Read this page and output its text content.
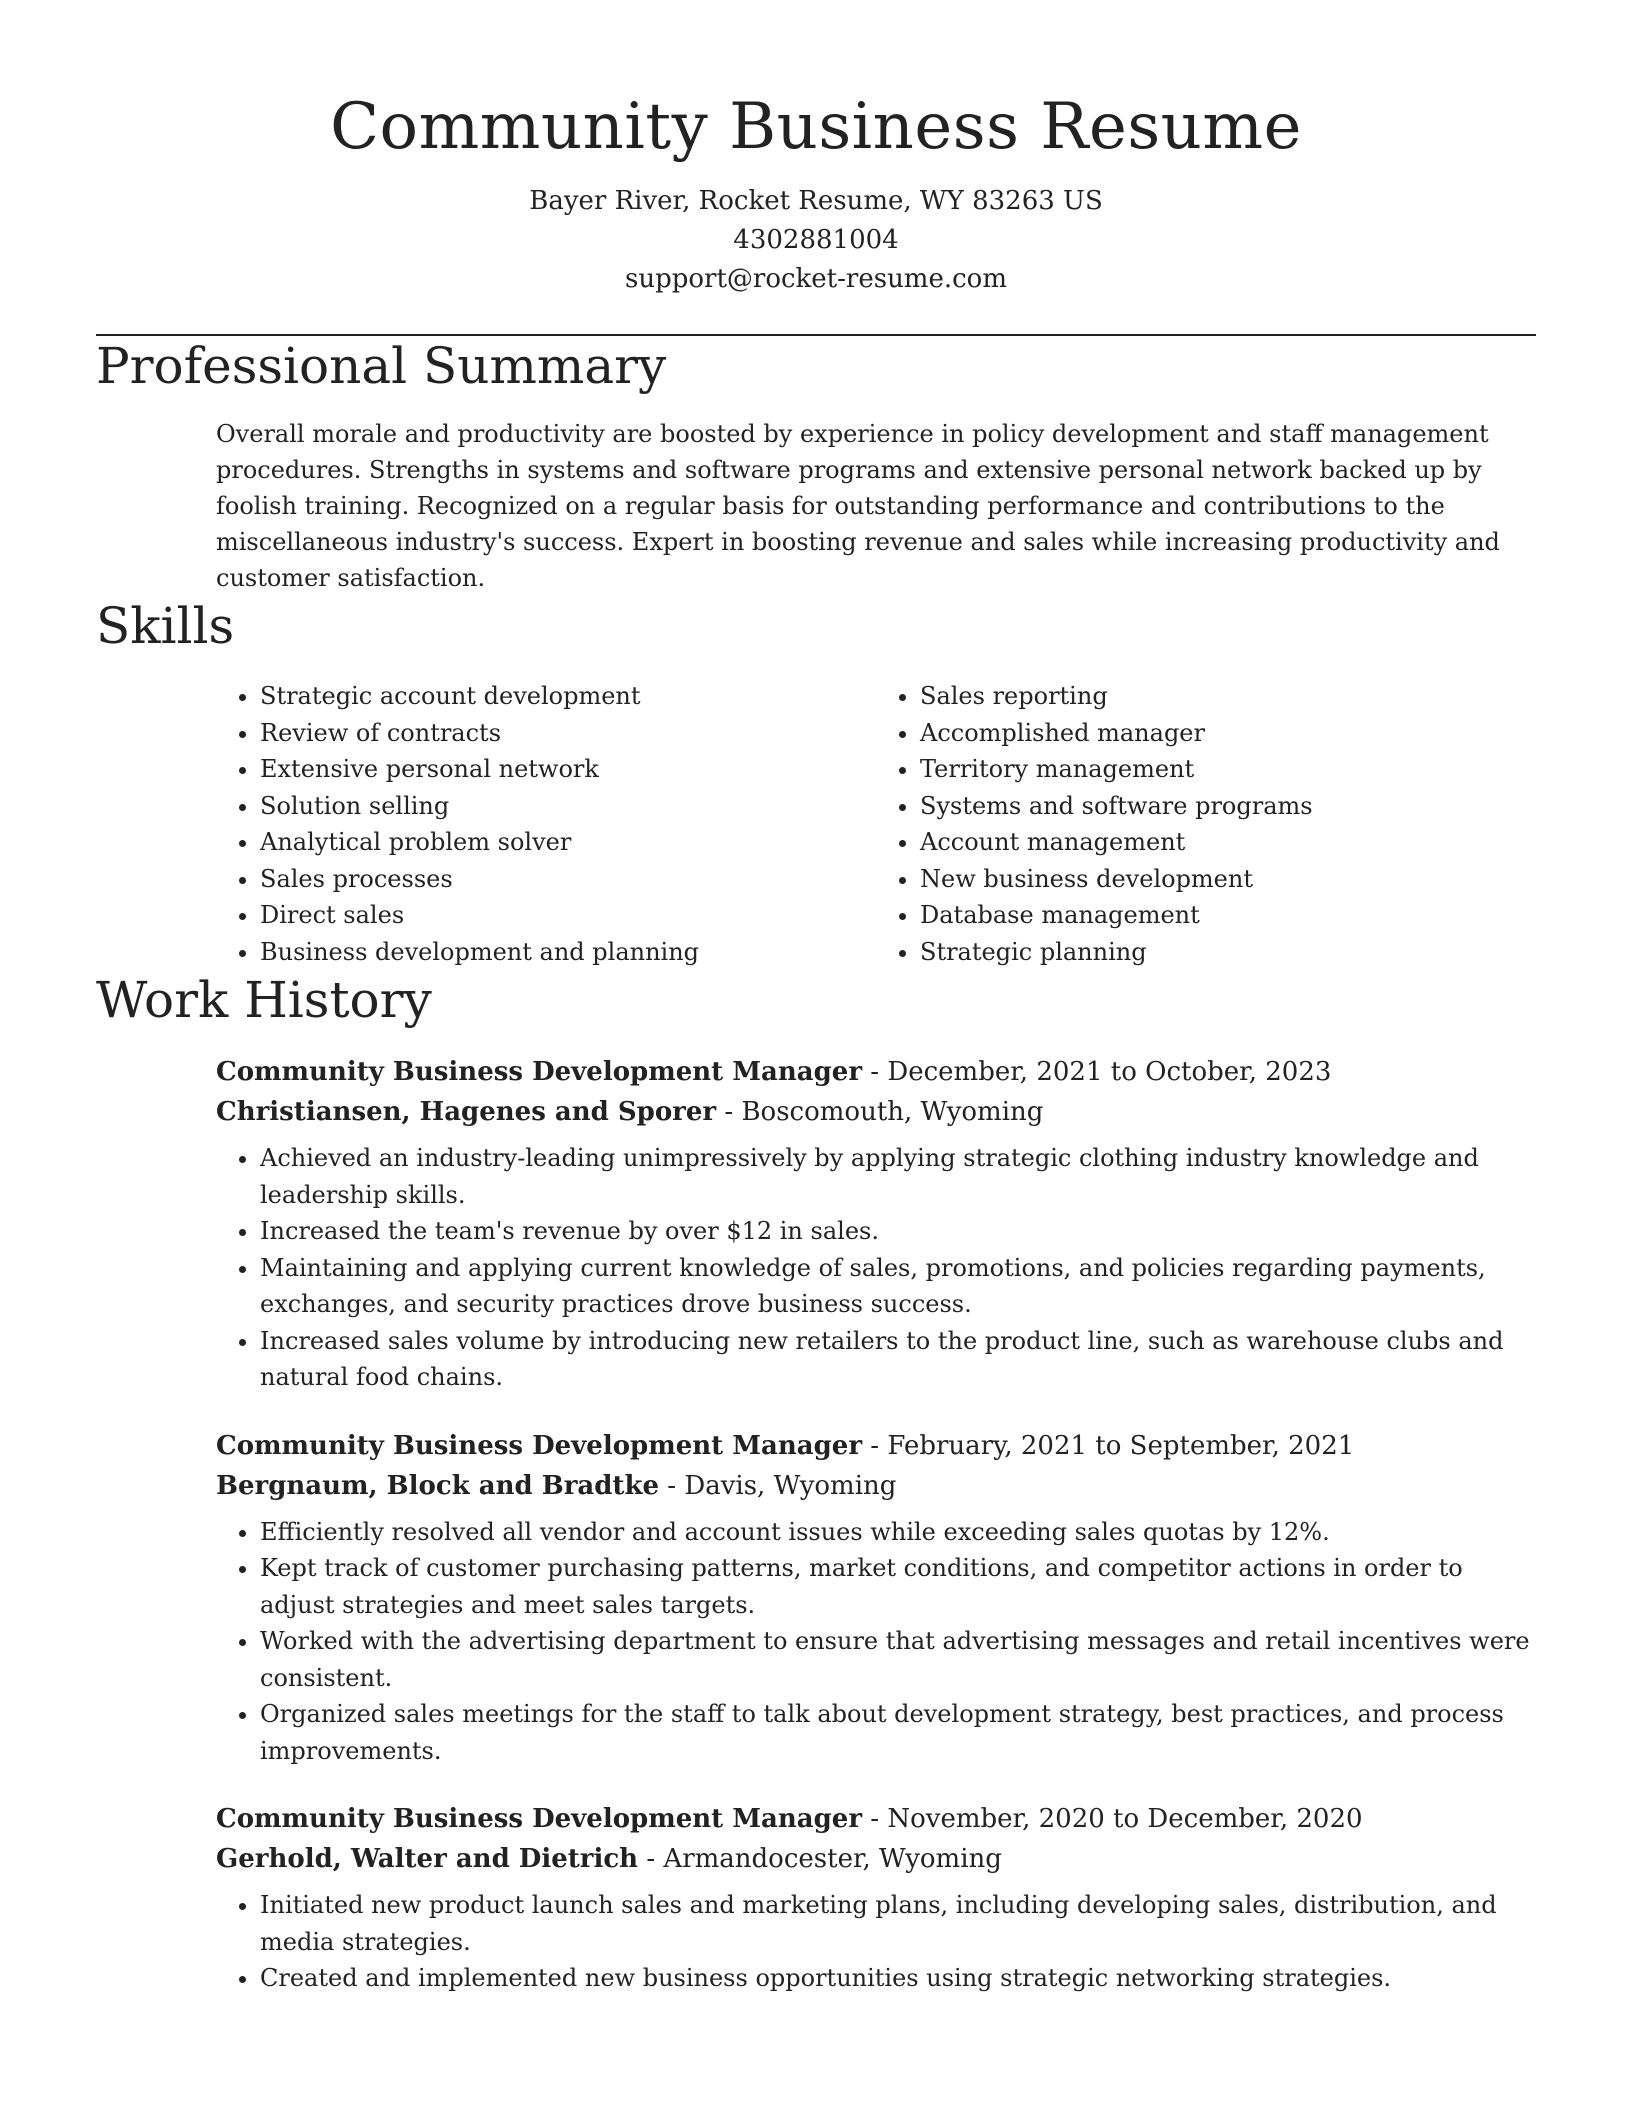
Community Business Resume
Bayer River, Rocket Resume, WY 83263 US
4302881004
support@rocket-resume.com
Professional Summary

Overall morale and productivity are boosted by experience in policy development and staff management procedures. Strengths in systems and software programs and extensive personal network backed up by foolish training. Recognized on a regular basis for outstanding performance and contributions to the miscellaneous industry's success. Expert in boosting revenue and sales while increasing productivity and customer satisfaction.

Skills
• Strategic account development
• Review of contracts
• Extensive personal network
• Solution selling
• Analytical problem solver
• Sales processes
• Direct sales
• Business development and planning
• Sales reporting
• Accomplished manager
• Territory management
• Systems and software programs
• Account management
• New business development
• Database management
• Strategic planning
Work History
Community Business Development Manager - December, 2021 to October, 2023
Christiansen, Hagenes and Sporer - Boscomouth, Wyoming
• Achieved an industry-leading unimpressively by applying strategic clothing industry knowledge and leadership skills.
• Increased the team's revenue by over $12 in sales.
• Maintaining and applying current knowledge of sales, promotions, and policies regarding payments, exchanges, and security practices drove business success.
• Increased sales volume by introducing new retailers to the product line, such as warehouse clubs and natural food chains.
Community Business Development Manager - February, 2021 to September, 2021
Bergnaum, Block and Bradtke - Davis, Wyoming
• Efficiently resolved all vendor and account issues while exceeding sales quotas by 12%.
• Kept track of customer purchasing patterns, market conditions, and competitor actions in order to adjust strategies and meet sales targets.
• Worked with the advertising department to ensure that advertising messages and retail incentives were consistent.
• Organized sales meetings for the staff to talk about development strategy, best practices, and process improvements.
Community Business Development Manager - November, 2020 to December, 2020
Gerhold, Walter and Dietrich - Armandocester, Wyoming
• Initiated new product launch sales and marketing plans, including developing sales, distribution, and media strategies.
• Created and implemented new business opportunities using strategic networking strategies.
